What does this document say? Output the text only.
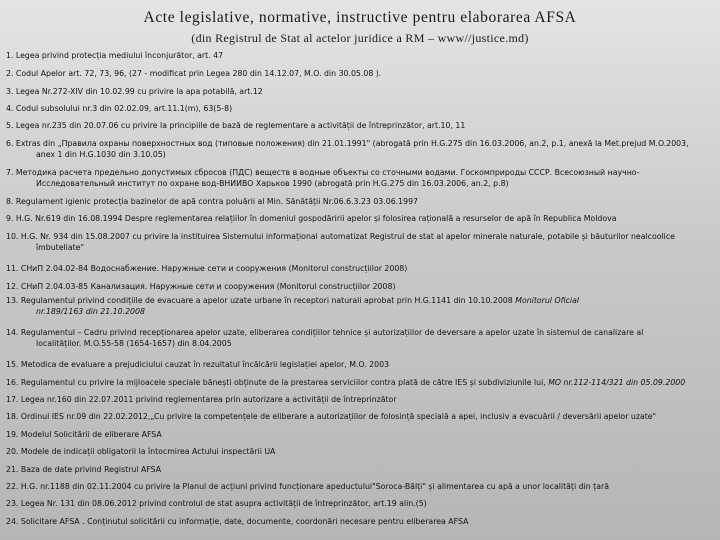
Acte legislative, normative, instructive pentru elaborarea AFSA
(din Registrul de Stat al actelor juridice a RM – www//justice.md)
1. Legea privind protecția mediului înconjurător, art. 47
2. Codul Apelor art. 72, 73, 96, (27 - modificat prin Legea 280 din 14.12.07, M.O. din 30.05.08 ).
3. Legea Nr.272-XIV din 10.02.99 cu privire la apa potabilă, art.12
4. Codul subsolului nr.3 din 02.02.09, art.11.1(m), 63(5-8)
5. Legea nr.235 din 20.07.06 cu privire la principiile de bază de reglementare a activității de întreprinzător, art.10, 11
6. Extras din „Правила охраны поверхностных вод (типовые положения) din 21.01.1991" (abrogată prin H.G.275 din 16.03.2006, an.2, p.1, anexă la Met.prejud M.O.2003,
anex 1 din H.G.1030 din 3.10.05)
7. Методика расчета предельно допустимых сбросов (ПДС) веществ в водные объекты со сточными водами. Госкомприроды СССР. Всесоюзный научно-
Исследовательный институт по охране вод-ВНИИВО Харьков 1990 (abrogată prin H.G.275 din 16.03.2006, an.2, p.8)
8. Regulament igienic protecția bazinelor de apă contra poluării al Min. Sănătății Nr.06.6.3.23 03.06.1997
9. H.G. Nr.619 din 16.08.1994 Despre reglementarea relațiilor în domeniul gospodăririi apelor și folosirea rațională a resurselor de apă în Republica Moldova
10. H.G. Nr. 934 din 15.08.2007 cu privire la instituirea Sistemului informațional automatizat Registrul de stat al apelor minerale naturale, potabile și băuturilor nealcoolice
îmbuteliate"
11. СНиП 2.04.02-84 Водоснабжение. Наружные сети и сооружения (Monitorul construcțiilor 2008)
12. СНиП 2.04.03-85 Канализация. Наружные сети и сооружения (Monitorul construcțiilor 2008)
13. Regulamentul privind condițiile de evacuare a apelor uzate urbane în receptori naturali aprobat prin H.G.1141 din 10.10.2008 Monitorul Oficial
nr.189/1163 din 21.10.2008
14. Regulamentul – Cadru privind recepționarea apelor uzate, eliberarea condițiilor tehnice și autorizațiilor de deversare a apelor uzate în sistemul de canalizare al
localităților. M.O.55-58 (1654-1657) din 8.04.2005
15. Metodica de evaluare a prejudiciului cauzat în rezultatul încălcării legislației apelor, M.O. 2003
16. Regulamentul cu privire la mijloacele speciale bănești obținute de la prestarea serviciilor contra plată de către IES și subdiviziunile lui, MO nr.112-114/321 din 05.09.2000
17. Legea nr.160 din 22.07.2011 privind reglementarea prin autorizare a activității de întreprinzător
18. Ordinul IES nr.09 din 22.02.2012,„Cu privire la competențele de eliberare a autorizațiilor de folosință specială a apei, inclusiv a evacuării / deversării apelor uzate"
19. Modelul Solicitării de eliberare AFSA
20. Modele de indicații obligatorii la întocmirea Actului inspectării UA
21. Baza de date privind Registrul AFSA
22. H.G. nr.1188 din 02.11.2004 cu privire la Planul de acțiuni privind funcționare apeductului"Soroca-Bălți" și alimentarea cu apă a unor localități din țară
23. Legea Nr. 131 din 08.06.2012 privind controlul de stat asupra activității de întreprinzător, art.19 alin.(5)
24. Solicitare AFSA . Conținutul solicitării cu informație, date, documente, coordonări necesare pentru eliberarea AFSA
